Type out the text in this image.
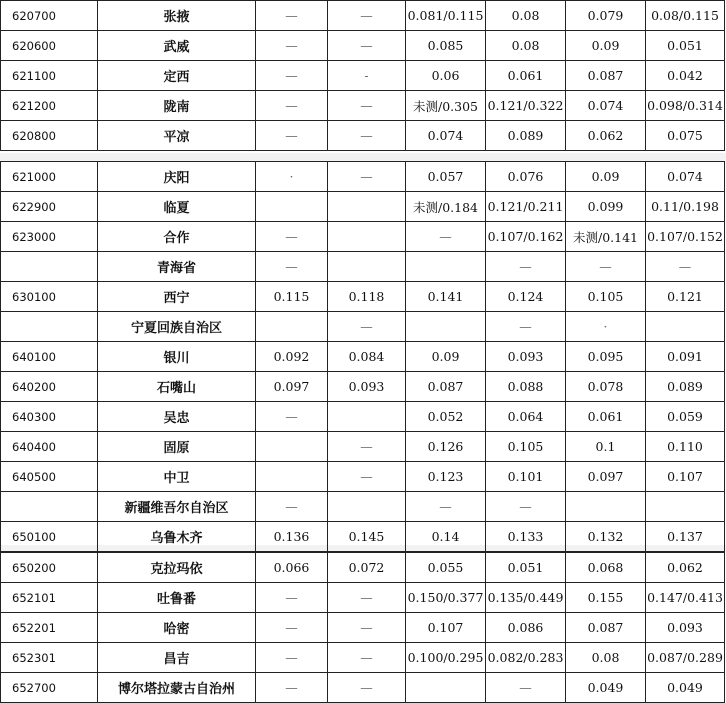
620700	张掖	—	—	0.081/0.115	0.08	0.079	0.08/0.115
620600	武威	—	—	0.085	0.08	0.09	0.051
621100	定西	—	-	0.06	0.061	0.087	0.042
621200	陇南	—	—	未测/0.305	0.121/0.322	0.074	0.098/0.314
620800	平凉	—	—	0.074	0.089	0.062	0.075
621000	庆阳	·	—	0.057	0.076	0.09	0.074
622900	临夏			未测/0.184	0.121/0.211	0.099	0.11/0.198
623000	合作	—		—	0.107/0.162	未测/0.141	0.107/0.152
	青海省	—			—	—	—
630100	西宁	0.115	0.118	0.141	0.124	0.105	0.121
	宁夏回族自治区		—		—	·	
640100	银川	0.092	0.084	0.09	0.093	0.095	0.091
640200	石嘴山	0.097	0.093	0.087	0.088	0.078	0.089
640300	吴忠	—		0.052	0.064	0.061	0.059
640400	固原		—	0.126	0.105	0.1	0.110
640500	中卫		—	0.123	0.101	0.097	0.107
	新疆维吾尔自治区	—		—	—		
650100	乌鲁木齐	0.136	0.145	0.14	0.133	0.132	0.137
650200	克拉玛依	0.066	0.072	0.055	0.051	0.068	0.062
652101	吐鲁番	—	—	0.150/0.377	0.135/0.449	0.155	0.147/0.413
652201	哈密	—	—	0.107	0.086	0.087	0.093
652301	昌吉	—	—	0.100/0.295	0.082/0.283	0.08	0.087/0.289
652700	博尔塔拉蒙古自治州	—	—		—	0.049	0.049
